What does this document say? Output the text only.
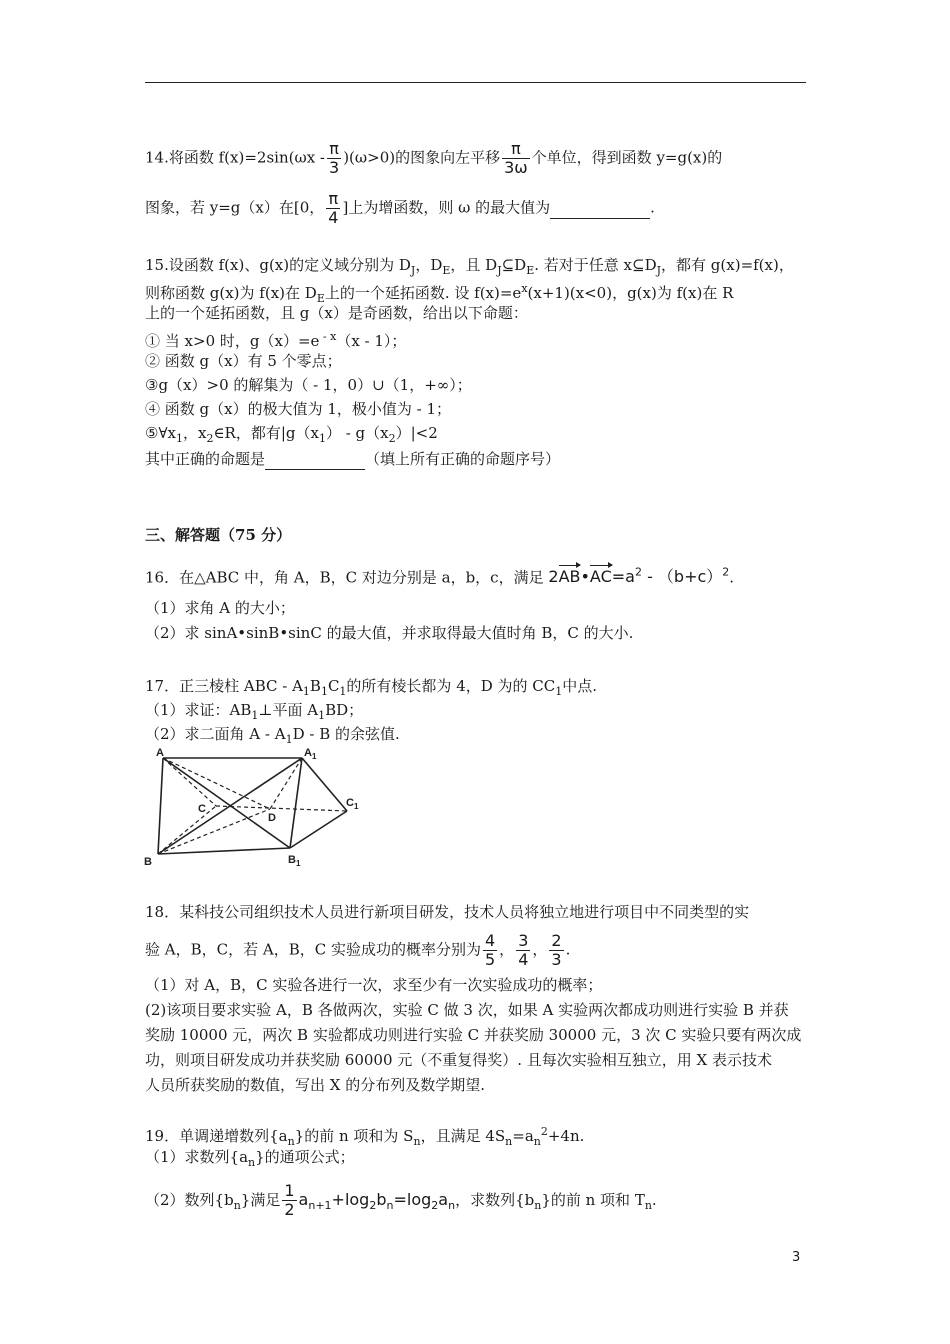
14.将函数 $f(x)=2\sin(\omega x - \frac{\pi}{3} )(\omega>0)$的图象向左平移 $\frac{\pi}{3\omega}$ 个单位，得到函数 y=g(x)的
图象，若 y=g（x）在[0， $\frac{\pi}{4}$ ]上为增函数，则 ω 的最大值为	.
15.设函数 f(x)、g(x)的定义域分别为 $D_J$，$D_E$，且 $D_J⊆D_E$. 若对于任意 $x⊆D_J$，都有 g(x)=f(x)，
则称函数 g(x)为 f(x)在 $D_E$上的一个延拓函数. 设 $f(x)=e^x(x+1)(x<0)$，g(x)为 f(x)在 R
上的一个延拓函数，且 g（x）是奇函数，给出以下命题：
① 当 x>0 时，g（x）=e $^{- x}$（x - 1）；
② 函数 g（x）有 5 个零点；
③g（x）>0 的解集为（ - 1，0）∪（1，+∞）；
④ 函数 g（x）的极大值为 1，极小值为 - 1；
$⑤\forall x_1$，$x_2\in R$，都有$|g(x_1) - g(x_2)|<2$
其中正确的命题是	（填上所有正确的命题序号）
三、解答题（75 分）
16．在△ABC 中，角 A，B，C 对边分别是 a，b，c，满足 $2AB•AC=a^2 - (b+c)^2$.
（1）求角 A 的大小；
（2）求 sinA•sinB•sinC 的最大值，并求取得最大值时角 B，C 的大小.
17．正三棱柱 ABC - $A_1B_1C_1$的所有棱长都为 4，D 为的 $CC_1$中点.
（1）求证：$AB_1\perp$平面 $A_1BD$；
（2）求二面角 A - $A_1D$ - B 的余弦值.
A	$A_1$
C
D
$C_1$
B	$B_1$
18．某科技公司组织技术人员进行新项目研发，技术人员将独立地进行项目中不同类型的实
验 A，B，C，若 A，B，C 实验成功的概率分别为 $\frac{4}{5}$ ， $\frac{3}{4}$ ， $\frac{2}{3}$ .
（1）对 A，B，C 实验各进行一次，求至少有一次实验成功的概率；
(2)该项目要求实验 A，B 各做两次，实验 C 做 3 次，如果 A 实验两次都成功则进行实验 B 并获
奖励 10000 元，两次 B 实验都成功则进行实验 C 并获奖励 30000 元，3 次 C 实验只要有两次成
功，则项目研发成功并获奖励 60000 元（不重复得奖）. 且每次实验相互独立，用 X 表示技术
人员所获奖励的数值，写出 X 的分布列及数学期望.
19．单调递增数列$\{a_n\}$的前 n 项和为 $S_n$，且满足 $4S_n=a_n^2+4n$.
（1）求数列$\{a_n\}$的通项公式；
（2）数列$\{b_n\}$满足 $\frac{1}{2} a_{n+1}+\log_2b_n=\log_2a_n$，求数列$\{b_n\}$的前 n 项和 $T_n$.
3
